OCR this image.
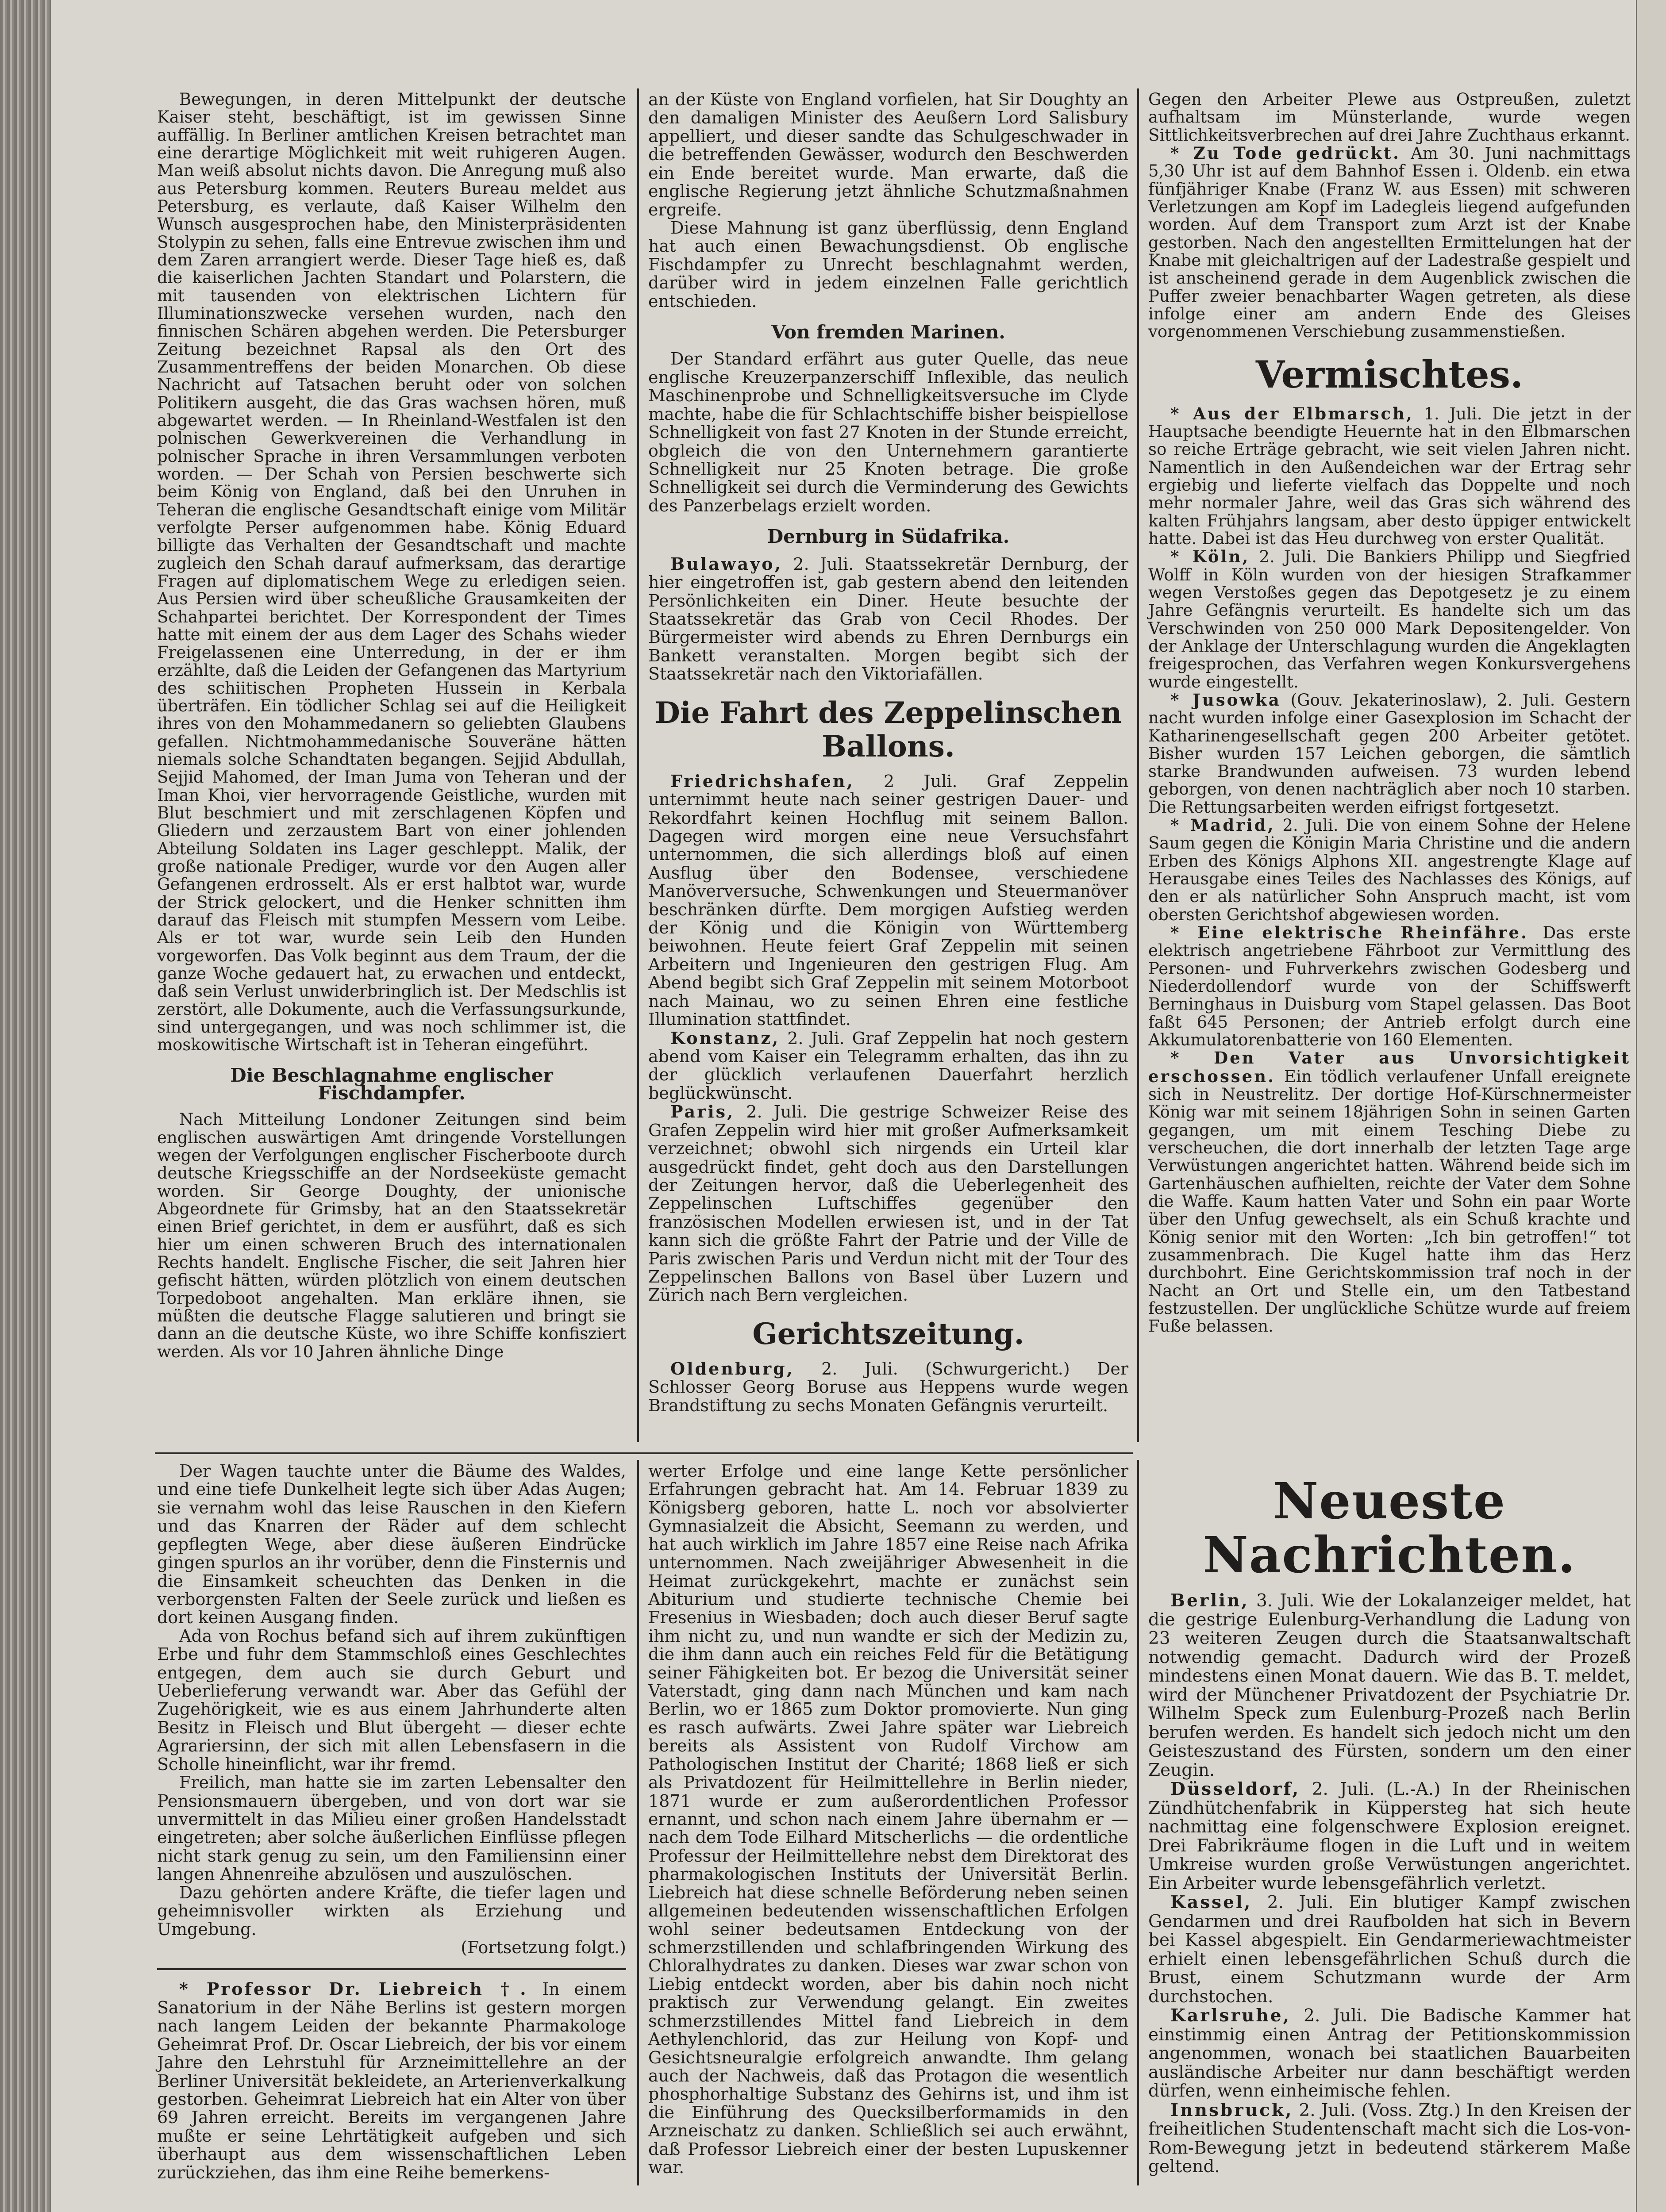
Bewegungen, in deren Mittelpunkt der deutsche Kaiser steht, beschäftigt, ist im gewissen Sinne auffällig. In Berliner amtlichen Kreisen betrachtet man eine derartige Möglichkeit mit weit ruhigeren Augen. Man weiß absolut nichts davon. Die Anregung muß also aus Petersburg kommen. Reuters Bureau meldet aus Petersburg, es verlaute, daß Kaiser Wilhelm den Wunsch ausgesprochen habe, den Ministerpräsidenten Stolypin zu sehen, falls eine Entrevue zwischen ihm und dem Zaren arrangiert werde. Dieser Tage hieß es, daß die kaiserlichen Jachten Standart und Polarstern, die mit tausenden von elektrischen Lichtern für Illuminationszwecke versehen wurden, nach den finnischen Schären abgehen werden. Die Petersburger Zeitung bezeichnet Rapsal als den Ort des Zusammentreffens der beiden Monarchen. Ob diese Nachricht auf Tatsachen beruht oder von solchen Politikern ausgeht, die das Gras wachsen hören, muß abgewartet werden. — In Rheinland-Westfalen ist den polnischen Gewerkvereinen die Verhandlung in polnischer Sprache in ihren Versammlungen verboten worden. — Der Schah von Persien beschwerte sich beim König von England, daß bei den Unruhen in Teheran die englische Gesandtschaft einige vom Militär verfolgte Perser aufgenommen habe. König Eduard billigte das Verhalten der Gesandtschaft und machte zugleich den Schah darauf aufmerksam, das derartige Fragen auf diplomatischem Wege zu erledigen seien. Aus Persien wird über scheußliche Grausamkeiten der Schahpartei berichtet. Der Korrespondent der Times hatte mit einem der aus dem Lager des Schahs wieder Freigelassenen eine Unterredung, in der er ihm erzählte, daß die Leiden der Gefangenen das Martyrium des schiitischen Propheten Hussein in Kerbala überträfen. Ein tödlicher Schlag sei auf die Heiligkeit ihres von den Mohammedanern so geliebten Glaubens gefallen. Nichtmohammedanische Souveräne hätten niemals solche Schandtaten begangen. Sejjid Abdullah, Sejjid Mahomed, der Iman Juma von Teheran und der Iman Khoi, vier hervorragende Geistliche, wurden mit Blut beschmiert und mit zerschlagenen Köpfen und Gliedern und zerzaustem Bart von einer johlenden Abteilung Soldaten ins Lager geschleppt. Malik, der große nationale Prediger, wurde vor den Augen aller Gefangenen erdrosselt. Als er erst halbtot war, wurde der Strick gelockert, und die Henker schnitten ihm darauf das Fleisch mit stumpfen Messern vom Leibe. Als er tot war, wurde sein Leib den Hunden vorgeworfen. Das Volk beginnt aus dem Traum, der die ganze Woche gedauert hat, zu erwachen und entdeckt, daß sein Verlust unwiderbringlich ist. Der Medschlis ist zerstört, alle Dokumente, auch die Verfassungsurkunde, sind untergegangen, und was noch schlimmer ist, die moskowitische Wirtschaft ist in Teheran eingeführt.

Die Beschlagnahme englischer Fischdampfer.

Nach Mitteilung Londoner Zeitungen sind beim englischen auswärtigen Amt dringende Vorstellungen wegen der Verfolgungen englischer Fischerboote durch deutsche Kriegsschiffe an der Nordseeküste gemacht worden. Sir George Doughty, der unionische Abgeordnete für Grimsby, hat an den Staatssekretär einen Brief gerichtet, in dem er ausführt, daß es sich hier um einen schweren Bruch des internationalen Rechts handelt. Englische Fischer, die seit Jahren hier gefischt hätten, würden plötzlich von einem deutschen Torpedoboot angehalten. Man erkläre ihnen, sie müßten die deutsche Flagge salutieren und bringt sie dann an die deutsche Küste, wo ihre Schiffe konfisziert werden. Als vor 10 Jahren ähnliche Dinge

an der Küste von England vorfielen, hat Sir Doughty an den damaligen Minister des Aeußern Lord Salisbury appelliert, und dieser sandte das Schulgeschwader in die betreffenden Gewässer, wodurch den Beschwerden ein Ende bereitet wurde. Man erwarte, daß die englische Regierung jetzt ähnliche Schutzmaßnahmen ergreife.

Diese Mahnung ist ganz überflüssig, denn England hat auch einen Bewachungsdienst. Ob englische Fischdampfer zu Unrecht beschlagnahmt werden, darüber wird in jedem einzelnen Falle gerichtlich entschieden.

Von fremden Marinen.

Der Standard erfährt aus guter Quelle, das neue englische Kreuzerpanzerschiff Inflexible, das neulich Maschinenprobe und Schnelligkeitsversuche im Clyde machte, habe die für Schlachtschiffe bisher beispiellose Schnelligkeit von fast 27 Knoten in der Stunde erreicht, obgleich die von den Unternehmern garantierte Schnelligkeit nur 25 Knoten betrage. Die große Schnelligkeit sei durch die Verminderung des Gewichts des Panzerbelags erzielt worden.

Dernburg in Südafrika.

Bulawayo, 2. Juli. Staatssekretär Dernburg, der hier eingetroffen ist, gab gestern abend den leitenden Persönlichkeiten ein Diner. Heute besuchte der Staatssekretär das Grab von Cecil Rhodes. Der Bürgermeister wird abends zu Ehren Dernburgs ein Bankett veranstalten. Morgen begibt sich der Staatssekretär nach den Viktoriafällen.

Die Fahrt des Zeppelinschen Ballons.

Friedrichshafen, 2 Juli. Graf Zeppelin unternimmt heute nach seiner gestrigen Dauer- und Rekordfahrt keinen Hochflug mit seinem Ballon. Dagegen wird morgen eine neue Versuchsfahrt unternommen, die sich allerdings bloß auf einen Ausflug über den Bodensee, verschiedene Manöverversuche, Schwenkungen und Steuermanöver beschränken dürfte. Dem morgigen Aufstieg werden der König und die Königin von Württemberg beiwohnen. Heute feiert Graf Zeppelin mit seinen Arbeitern und Ingenieuren den gestrigen Flug. Am Abend begibt sich Graf Zeppelin mit seinem Motorboot nach Mainau, wo zu seinen Ehren eine festliche Illumination stattfindet.

Konstanz, 2. Juli. Graf Zeppelin hat noch gestern abend vom Kaiser ein Telegramm erhalten, das ihn zu der glücklich verlaufenen Dauerfahrt herzlich beglückwünscht.

Paris, 2. Juli. Die gestrige Schweizer Reise des Grafen Zeppelin wird hier mit großer Aufmerksamkeit verzeichnet; obwohl sich nirgends ein Urteil klar ausgedrückt findet, geht doch aus den Darstellungen der Zeitungen hervor, daß die Ueberlegenheit des Zeppelinschen Luftschiffes gegenüber den französischen Modellen erwiesen ist, und in der Tat kann sich die größte Fahrt der Patrie und der Ville de Paris zwischen Paris und Verdun nicht mit der Tour des Zeppelinschen Ballons von Basel über Luzern und Zürich nach Bern vergleichen.

Gerichtszeitung.

Oldenburg, 2. Juli. (Schwurgericht.) Der Schlosser Georg Boruse aus Heppens wurde wegen Brandstiftung zu sechs Monaten Gefängnis verurteilt.

Gegen den Arbeiter Plewe aus Ostpreußen, zuletzt aufhaltsam im Münsterlande, wurde wegen Sittlichkeitsverbrechen auf drei Jahre Zuchthaus erkannt.

* Zu Tode gedrückt. Am 30. Juni nachmittags 5,30 Uhr ist auf dem Bahnhof Essen i. Oldenb. ein etwa fünfjähriger Knabe (Franz W. aus Essen) mit schweren Verletzungen am Kopf im Ladegleis liegend aufgefunden worden. Auf dem Transport zum Arzt ist der Knabe gestorben. Nach den angestellten Ermittelungen hat der Knabe mit gleichaltrigen auf der Ladestraße gespielt und ist anscheinend gerade in dem Augenblick zwischen die Puffer zweier benachbarter Wagen getreten, als diese infolge einer am andern Ende des Gleises vorgenommenen Verschiebung zusammenstießen.

Vermischtes.

* Aus der Elbmarsch, 1. Juli. Die jetzt in der Hauptsache beendigte Heuernte hat in den Elbmarschen so reiche Erträge gebracht, wie seit vielen Jahren nicht. Namentlich in den Außendeichen war der Ertrag sehr ergiebig und lieferte vielfach das Doppelte und noch mehr normaler Jahre, weil das Gras sich während des kalten Frühjahrs langsam, aber desto üppiger entwickelt hatte. Dabei ist das Heu durchweg von erster Qualität.

* Köln, 2. Juli. Die Bankiers Philipp und Siegfried Wolff in Köln wurden von der hiesigen Strafkammer wegen Verstoßes gegen das Depotgesetz je zu einem Jahre Gefängnis verurteilt. Es handelte sich um das Verschwinden von 250 000 Mark Depositengelder. Von der Anklage der Unterschlagung wurden die Angeklagten freigesprochen, das Verfahren wegen Konkursvergehens wurde eingestellt.

* Jusowka (Gouv. Jekaterinoslaw), 2. Juli. Gestern nacht wurden infolge einer Gasexplosion im Schacht der Katharinengesellschaft gegen 200 Arbeiter getötet. Bisher wurden 157 Leichen geborgen, die sämtlich starke Brandwunden aufweisen. 73 wurden lebend geborgen, von denen nachträglich aber noch 10 starben. Die Rettungsarbeiten werden eifrigst fortgesetzt.

* Madrid, 2. Juli. Die von einem Sohne der Helene Saum gegen die Königin Maria Christine und die andern Erben des Königs Alphons XII. angestrengte Klage auf Herausgabe eines Teiles des Nachlasses des Königs, auf den er als natürlicher Sohn Anspruch macht, ist vom obersten Gerichtshof abgewiesen worden.

* Eine elektrische Rheinfähre. Das erste elektrisch angetriebene Fährboot zur Vermittlung des Personen- und Fuhrverkehrs zwischen Godesberg und Niederdollendorf wurde von der Schiffswerft Berninghaus in Duisburg vom Stapel gelassen. Das Boot faßt 645 Personen; der Antrieb erfolgt durch eine Akkumulatorenbatterie von 160 Elementen.

* Den Vater aus Unvorsichtigkeit erschossen. Ein tödlich verlaufener Unfall ereignete sich in Neustrelitz. Der dortige Hof-Kürschnermeister König war mit seinem 18jährigen Sohn in seinen Garten gegangen, um mit einem Tesching Diebe zu verscheuchen, die dort innerhalb der letzten Tage arge Verwüstungen angerichtet hatten. Während beide sich im Gartenhäuschen aufhielten, reichte der Vater dem Sohne die Waffe. Kaum hatten Vater und Sohn ein paar Worte über den Unfug gewechselt, als ein Schuß krachte und König senior mit den Worten: „Ich bin getroffen!“ tot zusammenbrach. Die Kugel hatte ihm das Herz durchbohrt. Eine Gerichtskommission traf noch in der Nacht an Ort und Stelle ein, um den Tatbestand festzustellen. Der unglückliche Schütze wurde auf freiem Fuße belassen.

Der Wagen tauchte unter die Bäume des Waldes, und eine tiefe Dunkelheit legte sich über Adas Augen; sie vernahm wohl das leise Rauschen in den Kiefern und das Knarren der Räder auf dem schlecht gepflegten Wege, aber diese äußeren Eindrücke gingen spurlos an ihr vorüber, denn die Finsternis und die Einsamkeit scheuchten das Denken in die verborgensten Falten der Seele zurück und ließen es dort keinen Ausgang finden.

Ada von Rochus befand sich auf ihrem zukünftigen Erbe und fuhr dem Stammschloß eines Geschlechtes entgegen, dem auch sie durch Geburt und Ueberlieferung verwandt war. Aber das Gefühl der Zugehörigkeit, wie es aus einem Jahrhunderte alten Besitz in Fleisch und Blut übergeht — dieser echte Agrariersinn, der sich mit allen Lebensfasern in die Scholle hineinflicht, war ihr fremd.

Freilich, man hatte sie im zarten Lebensalter den Pensionsmauern übergeben, und von dort war sie unvermittelt in das Milieu einer großen Handelsstadt eingetreten; aber solche äußerlichen Einflüsse pflegen nicht stark genug zu sein, um den Familiensinn einer langen Ahnenreihe abzulösen und auszulöschen.

Dazu gehörten andere Kräfte, die tiefer lagen und geheimnisvoller wirkten als Erziehung und Umgebung.

(Fortsetzung folgt.)

* Professor Dr. Liebreich †. In einem Sanatorium in der Nähe Berlins ist gestern morgen nach langem Leiden der bekannte Pharmakologe Geheimrat Prof. Dr. Oscar Liebreich, der bis vor einem Jahre den Lehrstuhl für Arzneimittellehre an der Berliner Universität bekleidete, an Arterienverkalkung gestorben. Geheimrat Liebreich hat ein Alter von über 69 Jahren erreicht. Bereits im vergangenen Jahre mußte er seine Lehrtätigkeit aufgeben und sich überhaupt aus dem wissenschaftlichen Leben zurückziehen, das ihm eine Reihe bemerkens-

werter Erfolge und eine lange Kette persönlicher Erfahrungen gebracht hat. Am 14. Februar 1839 zu Königsberg geboren, hatte L. noch vor absolvierter Gymnasialzeit die Absicht, Seemann zu werden, und hat auch wirklich im Jahre 1857 eine Reise nach Afrika unternommen. Nach zweijähriger Abwesenheit in die Heimat zurückgekehrt, machte er zunächst sein Abiturium und studierte technische Chemie bei Fresenius in Wiesbaden; doch auch dieser Beruf sagte ihm nicht zu, und nun wandte er sich der Medizin zu, die ihm dann auch ein reiches Feld für die Betätigung seiner Fähigkeiten bot. Er bezog die Universität seiner Vaterstadt, ging dann nach München und kam nach Berlin, wo er 1865 zum Doktor promovierte. Nun ging es rasch aufwärts. Zwei Jahre später war Liebreich bereits als Assistent von Rudolf Virchow am Pathologischen Institut der Charité; 1868 ließ er sich als Privatdozent für Heilmittellehre in Berlin nieder, 1871 wurde er zum außerordentlichen Professor ernannt, und schon nach einem Jahre übernahm er — nach dem Tode Eilhard Mitscherlichs — die ordentliche Professur der Heilmittellehre nebst dem Direktorat des pharmakologischen Instituts der Universität Berlin. Liebreich hat diese schnelle Beförderung neben seinen allgemeinen bedeutenden wissenschaftlichen Erfolgen wohl seiner bedeutsamen Entdeckung von der schmerzstillenden und schlafbringenden Wirkung des Chloralhydrates zu danken. Dieses war zwar schon von Liebig entdeckt worden, aber bis dahin noch nicht praktisch zur Verwendung gelangt. Ein zweites schmerzstillendes Mittel fand Liebreich in dem Aethylenchlorid, das zur Heilung von Kopf- und Gesichtsneuralgie erfolgreich anwandte. Ihm gelang auch der Nachweis, daß das Protagon die wesentlich phosphorhaltige Substanz des Gehirns ist, und ihm ist die Einführung des Quecksilberformamids in den Arzneischatz zu danken. Schließlich sei auch erwähnt, daß Professor Liebreich einer der besten Lupuskenner war.

Neueste Nachrichten.

Berlin, 3. Juli. Wie der Lokalanzeiger meldet, hat die gestrige Eulenburg-Verhandlung die Ladung von 23 weiteren Zeugen durch die Staatsanwaltschaft notwendig gemacht. Dadurch wird der Prozeß mindestens einen Monat dauern. Wie das B. T. meldet, wird der Münchener Privatdozent der Psychiatrie Dr. Wilhelm Speck zum Eulenburg-Prozeß nach Berlin berufen werden. Es handelt sich jedoch nicht um den Geisteszustand des Fürsten, sondern um den einer Zeugin.

Düsseldorf, 2. Juli. (L.-A.) In der Rheinischen Zündhütchenfabrik in Küppersteg hat sich heute nachmittag eine folgenschwere Explosion ereignet. Drei Fabrikräume flogen in die Luft und in weitem Umkreise wurden große Verwüstungen angerichtet. Ein Arbeiter wurde lebensgefährlich verletzt.

Kassel, 2. Juli. Ein blutiger Kampf zwischen Gendarmen und drei Raufbolden hat sich in Bevern bei Kassel abgespielt. Ein Gendarmeriewachtmeister erhielt einen lebensgefährlichen Schuß durch die Brust, einem Schutzmann wurde der Arm durchstochen.

Karlsruhe, 2. Juli. Die Badische Kammer hat einstimmig einen Antrag der Petitionskommission angenommen, wonach bei staatlichen Bauarbeiten ausländische Arbeiter nur dann beschäftigt werden dürfen, wenn einheimische fehlen.

Innsbruck, 2. Juli. (Voss. Ztg.) In den Kreisen der freiheitlichen Studentenschaft macht sich die Los-von-Rom-Bewegung jetzt in bedeutend stärkerem Maße geltend.
